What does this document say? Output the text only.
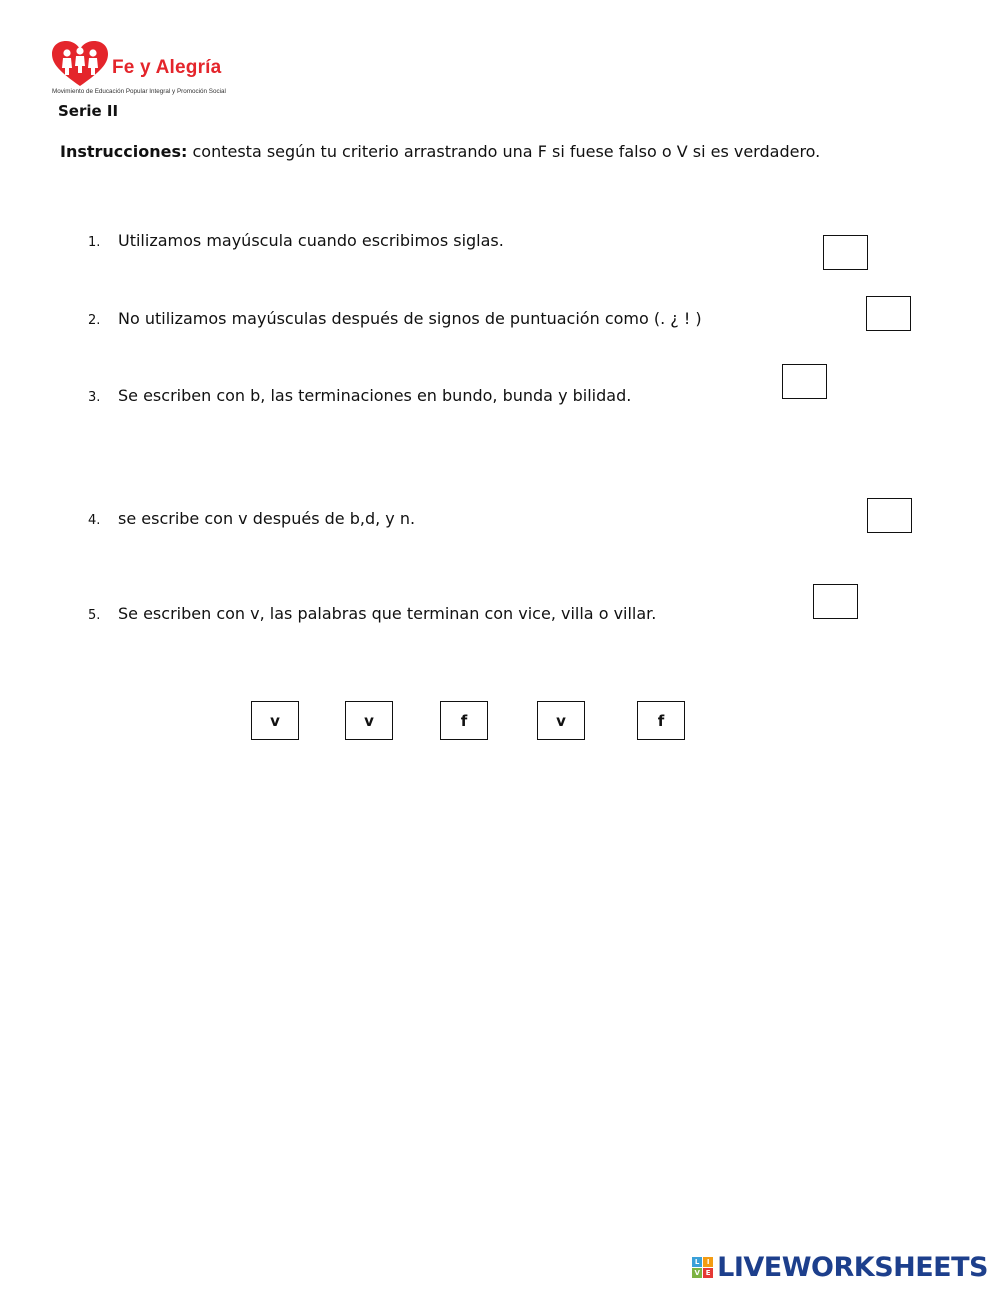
Fe y Alegría
Movimiento de Educación Popular Integral y Promoción Social
Serie II
Instrucciones: contesta según tu criterio arrastrando una F si fuese falso o V si es verdadero.
1. Utilizamos mayúscula cuando escribimos siglas.
2. No utilizamos mayúsculas después de signos de puntuación como (. ¿ ! )
3. Se escriben con b, las terminaciones en bundo, bunda y bilidad.
4. se escribe con v después de b,d, y n.
5. Se escriben con v, las palabras que terminan con vice, villa o villar.
v	v	f	v	f
L	I
V E LIVEWORKSHEETS
